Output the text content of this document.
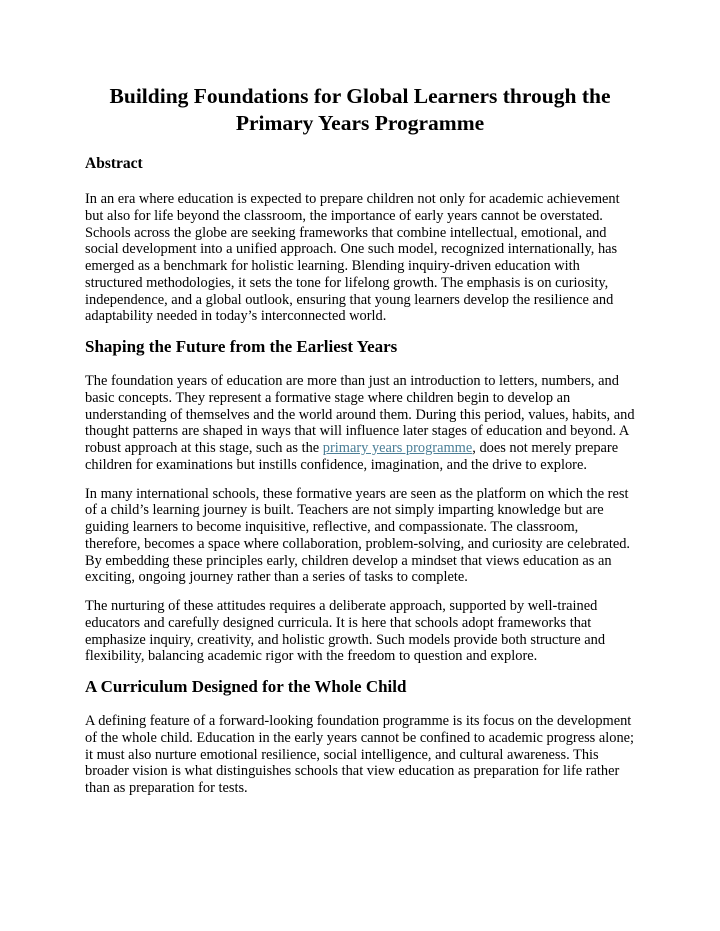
Building Foundations for Global Learners through the Primary Years Programme
Abstract

In an era where education is expected to prepare children not only for academic achievement but also for life beyond the classroom, the importance of early years cannot be overstated. Schools across the globe are seeking frameworks that combine intellectual, emotional, and social development into a unified approach. One such model, recognized internationally, has emerged as a benchmark for holistic learning. Blending inquiry-driven education with structured methodologies, it sets the tone for lifelong growth. The emphasis is on curiosity, independence, and a global outlook, ensuring that young learners develop the resilience and adaptability needed in today’s interconnected world.

Shaping the Future from the Earliest Years

The foundation years of education are more than just an introduction to letters, numbers, and basic concepts. They represent a formative stage where children begin to develop an understanding of themselves and the world around them. During this period, values, habits, and thought patterns are shaped in ways that will influence later stages of education and beyond. A robust approach at this stage, such as the primary years programme, does not merely prepare children for examinations but instills confidence, imagination, and the drive to explore.

In many international schools, these formative years are seen as the platform on which the rest of a child’s learning journey is built. Teachers are not simply imparting knowledge but are guiding learners to become inquisitive, reflective, and compassionate. The classroom, therefore, becomes a space where collaboration, problem-solving, and curiosity are celebrated. By embedding these principles early, children develop a mindset that views education as an exciting, ongoing journey rather than a series of tasks to complete.

The nurturing of these attitudes requires a deliberate approach, supported by well-trained educators and carefully designed curricula. It is here that schools adopt frameworks that emphasize inquiry, creativity, and holistic growth. Such models provide both structure and flexibility, balancing academic rigor with the freedom to question and explore.

A Curriculum Designed for the Whole Child

A defining feature of a forward-looking foundation programme is its focus on the development of the whole child. Education in the early years cannot be confined to academic progress alone; it must also nurture emotional resilience, social intelligence, and cultural awareness. This broader vision is what distinguishes schools that view education as preparation for life rather than as preparation for tests.
